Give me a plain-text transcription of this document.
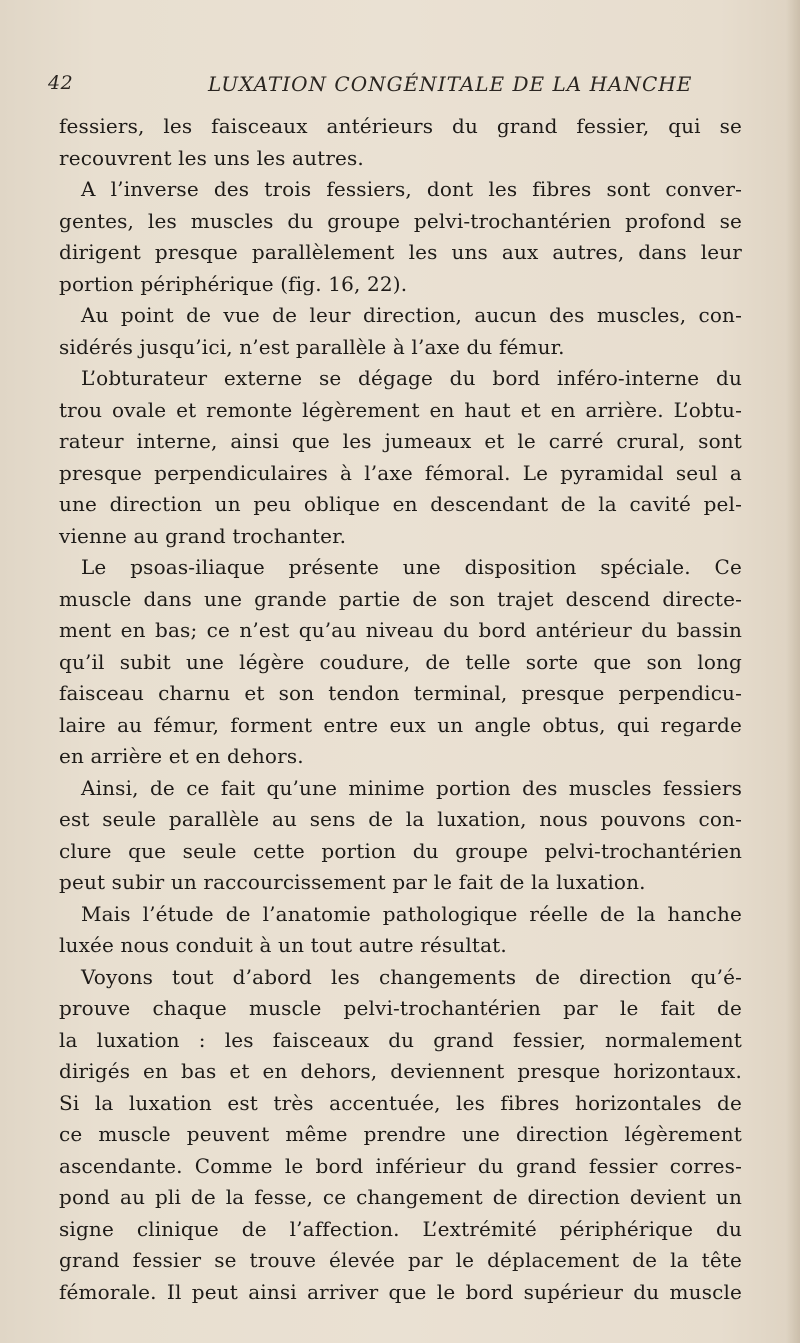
42	LUXATION CONGÉNITALE DE LA HANCHE
fessiers, les faisceaux antérieurs du grand fessier, qui se
recouvrent les uns les autres.
A l’inverse des trois fessiers, dont les fibres sont conver-
gentes, les muscles du groupe pelvi-trochantérien profond se
dirigent presque parallèlement les uns aux autres, dans leur
portion périphérique (fig. 16, 22).
Au point de vue de leur direction, aucun des muscles, con-
sidérés jusqu’ici, n’est parallèle à l’axe du fémur.
L’obturateur externe se dégage du bord inféro-interne du
trou ovale et remonte légèrement en haut et en arrière. L’obtu-
rateur interne, ainsi que les jumeaux et le carré crural, sont
presque perpendiculaires à l’axe fémoral. Le pyramidal seul a
une direction un peu oblique en descendant de la cavité pel-
vienne au grand trochanter.
Le psoas-iliaque présente une disposition spéciale. Ce
muscle dans une grande partie de son trajet descend directe-
ment en bas; ce n’est qu’au niveau du bord antérieur du bassin
qu’il subit une légère coudure, de telle sorte que son long
faisceau charnu et son tendon terminal, presque perpendicu-
laire au fémur, forment entre eux un angle obtus, qui regarde
en arrière et en dehors.
Ainsi, de ce fait qu’une minime portion des muscles fessiers
est seule parallèle au sens de la luxation, nous pouvons con-
clure que seule cette portion du groupe pelvi-trochantérien
peut subir un raccourcissement par le fait de la luxation.
Mais l’étude de l’anatomie pathologique réelle de la hanche
luxée nous conduit à un tout autre résultat.
Voyons tout d’abord les changements de direction qu’é-
prouve chaque muscle pelvi-trochantérien par le fait de
la luxation : les faisceaux du grand fessier, normalement
dirigés en bas et en dehors, deviennent presque horizontaux.
Si la luxation est très accentuée, les fibres horizontales de
ce muscle peuvent même prendre une direction légèrement
ascendante. Comme le bord inférieur du grand fessier corres-
pond au pli de la fesse, ce changement de direction devient un
signe clinique de l’affection. L’extrémité périphérique du
grand fessier se trouve élevée par le déplacement de la tête
fémorale. Il peut ainsi arriver que le bord supérieur du muscle
